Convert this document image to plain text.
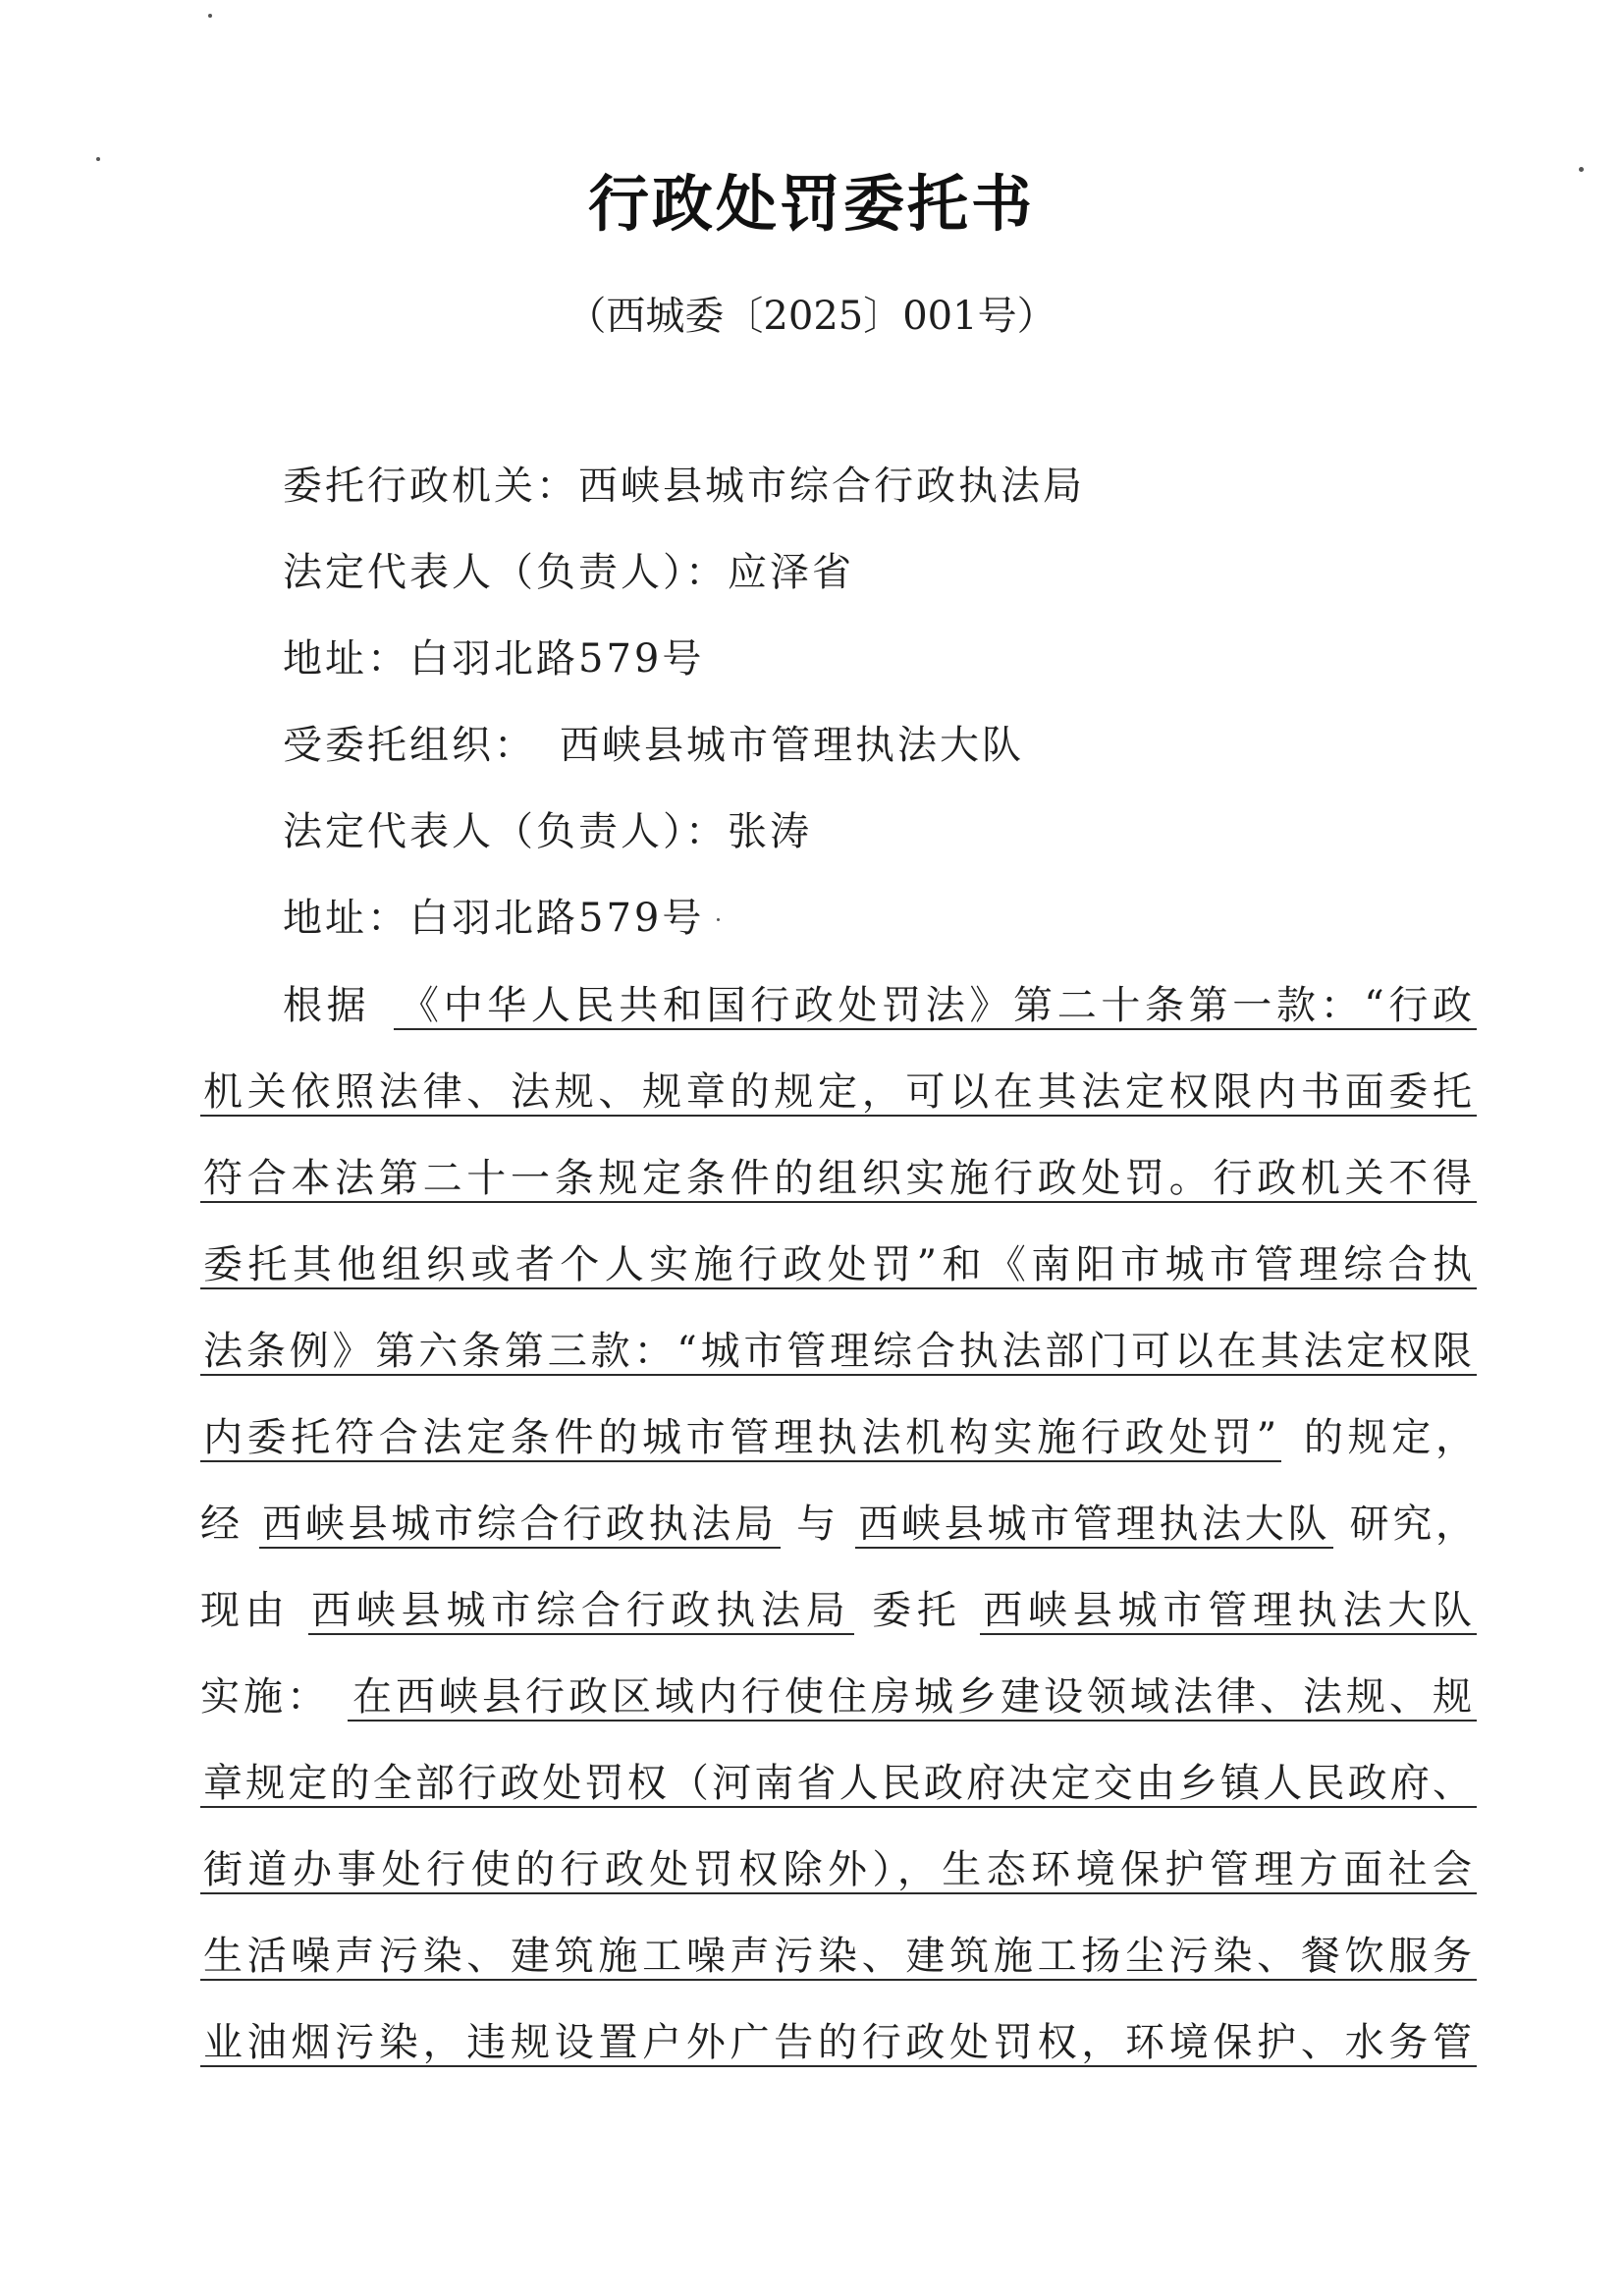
行政处罚委托书
（西城委〔2025〕001号）
委托行政机关：西峡县城市综合行政执法局
法定代表人（负责人）：应泽省
地址：白羽北路579号
受委托组织： 西峡县城市管理执法大队
法定代表人（负责人）：张涛
地址：白羽北路579号
根据 《中华人民共和国行政处罚法》第二十条第一款：“行政
机关依照法律、法规、规章的规定，可以在其法定权限内书面委托
符合本法第二十一条规定条件的组织实施行政处罚。行政机关不得
委托其他组织或者个人实施行政处罚”和《南阳市城市管理综合执
法条例》第六条第三款：“城市管理综合执法部门可以在其法定权限
内委托符合法定条件的城市管理执法机构实施行政处罚” 的规定，
经 西峡县城市综合行政执法局 与 西峡县城市管理执法大队 研究，
现由 西峡县城市综合行政执法局 委托 西峡县城市管理执法大队
实施： 在西峡县行政区域内行使住房城乡建设领域法律、法规、规
章规定的全部行政处罚权（河南省人民政府决定交由乡镇人民政府、
街道办事处行使的行政处罚权除外），生态环境保护管理方面社会
生活噪声污染、建筑施工噪声污染、建筑施工扬尘污染、餐饮服务
业油烟污染，违规设置户外广告的行政处罚权，环境保护、水务管
